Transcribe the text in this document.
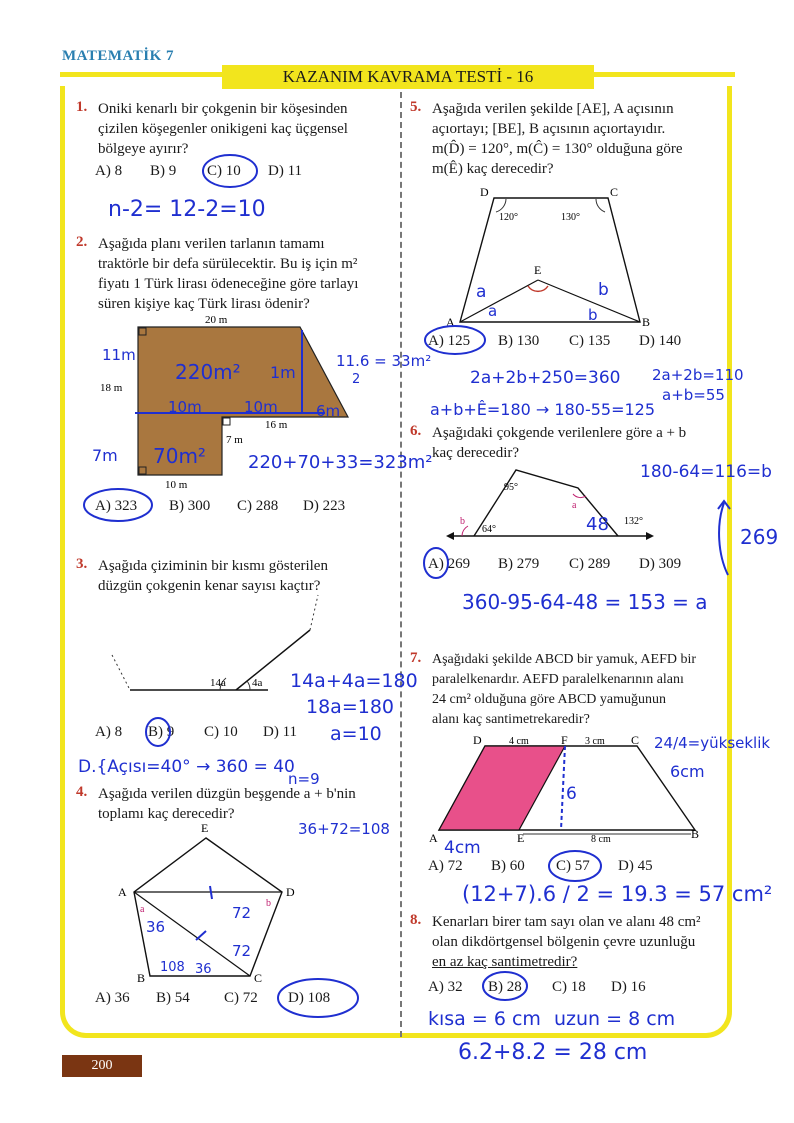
MATEMATİK 7
KAZANIM KAVRAMA TESTİ - 16
1. Oniki kenarlı bir çokgenin bir köşesinden
çizilen köşegenler onikigeni kaç üçgensel
bölgeye ayırır?
A) 8 B) 9 C) 10 D) 11
n-2= 12-2=10
2. Aşağıda planı verilen tarlanın tamamı
traktörle bir defa sürülecektir. Bu iş için m²
fiyatı 1 Türk lirası ödeneceğine göre tarlayı
süren kişiye kaç Türk lirası ödenir?
20 m
18 m
16 m
7 m
10 m
11m
220m² 1m
11.6 = 33m²
2
10m	10m	6m
7m 70m² 220+70+33=323m²
A) 323 B) 300 C) 288 D) 223
3. Aşağıda çiziminin bir kısmı gösterilen
düzgün çokgenin kenar sayısı kaçtır?
14a 4a 14a+4a=180
18a=180
a=10
A) 8 B) 9 C) 10 D) 11
D.{Açısı=40° → 360 = 40
n=9
4. Aşağıda verilen düzgün beşgende a + b'nin
toplamı kaç derecedir?
36+72=108
E
D
A
B	C
a
b
72
36
72
108 36
A) 36 B) 54 C) 72 D) 108
5. Aşağıda verilen şekilde [AE], A açısının
açıortayı; [BE], B açısının açıortayıdır.
m(D̂) = 120°, m(Ĉ) = 130° olduğuna göre
m(Ê) kaç derecedir?
D	C
E
A	B
120°	130°
a
a
b
b
A) 125 B) 130 C) 135 D) 140
2a+2b+250=360 2a+2b=110
a+b=55
a+b+Ê=180 → 180-55=125
6. Aşağıdaki çokgende verilenlere göre a + b
kaç derecedir?
180-64=116=b
95°
64°
132°
b
a
48
269
A) 269 B) 279 C) 289 D) 309
360-95-64-48 = 153 = a
7. Aşağıdaki şekilde ABCD bir yamuk, AEFD bir
paralelkenardır. AEFD paralelkenarının alanı
24 cm² olduğuna göre ABCD yamuğunun
alanı kaç santimetrekaredir?
24/4=yükseklik
6cm
D	F	C
A	E	B
4 cm	3 cm
8 cm
6
4cm
A) 72 B) 60 C) 57 D) 45
(12+7).6 / 2 = 19.3 = 57 cm²
8. Kenarları birer tam sayı olan ve alanı 48 cm²
olan dikdörtgensel bölgenin çevre uzunluğu
en az kaç santimetredir?
A) 32 B) 28 C) 18 D) 16
kısa = 6 cm uzun = 8 cm
6.2+8.2 = 28 cm
200
